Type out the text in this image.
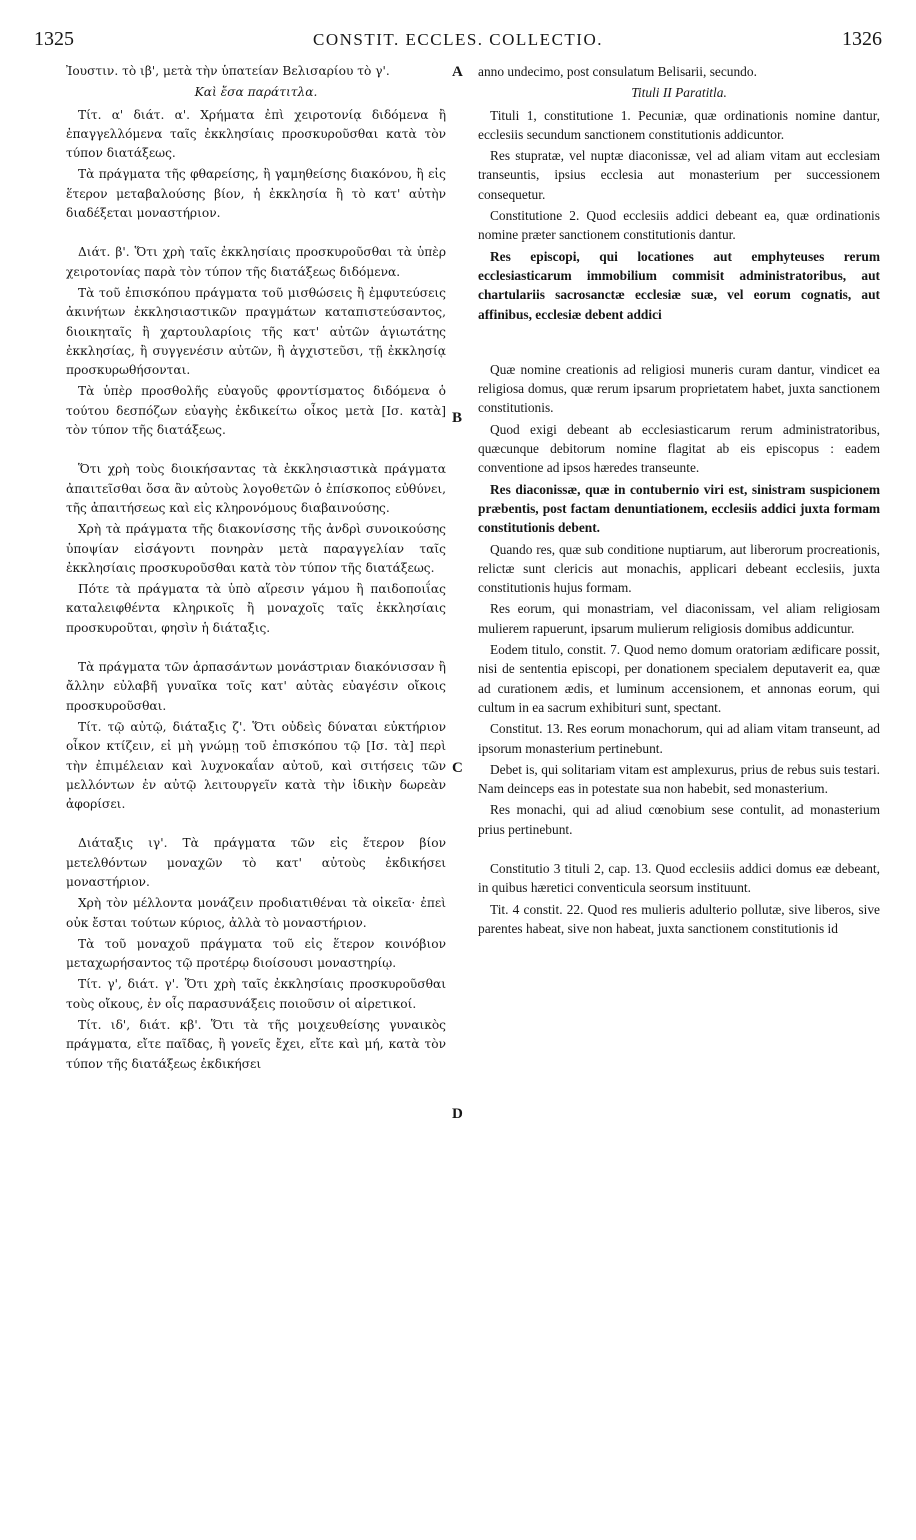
1325	CONSTIT. ECCLES. COLLECTIO.	1326
A
B
C
D

Ἰουστιν. τὸ ιβ', μετὰ τὴν ὑπατείαν Βελισαρίου τὸ γ'.

Καὶ ἔσα παράτιτλα.

Τίτ. α' διάτ. α'. Χρήματα ἐπὶ χειροτονίᾳ διδόμενα ἢ ἐπαγγελλόμενα ταῖς ἐκκλησίαις προσκυροῦσθαι κατὰ τὸν τύπον διατάξεως.

Τὰ πράγματα τῆς φθαρείσης, ἢ γαμηθείσης διακόνου, ἢ εἰς ἕτερον μεταβαλούσης βίον, ἡ ἐκκλησία ἢ τὸ κατ' αὐτὴν διαδέξεται μοναστήριον.

Διάτ. β'. Ὅτι χρὴ ταῖς ἐκκλησίαις προσκυροῦσθαι τὰ ὑπὲρ χειροτονίας παρὰ τὸν τύπον τῆς διατάξεως διδόμενα.

Τὰ τοῦ ἐπισκόπου πράγματα τοῦ μισθώσεις ἢ ἐμφυτεύσεις ἀκινήτων ἐκκλησιαστικῶν πραγμάτων καταπιστεύσαντος, διοικηταῖς ἢ χαρτουλαρίοις τῆς κατ' αὐτῶν ἁγιωτάτης ἐκκλησίας, ἢ συγγενέσιν αὐτῶν, ἢ ἀγχιστεῦσι, τῇ ἐκκλησίᾳ προσκυρωθήσονται.

Τὰ ὑπὲρ προσθολῆς εὐαγοῦς φροντίσματος διδόμενα ὁ τούτου δεσπόζων εὐαγὴς ἐκδικείτω οἶκος μετὰ [Ισ. κατὰ] τὸν τύπον τῆς διατάξεως.

Ὅτι χρὴ τοὺς διοικήσαντας τὰ ἐκκλησιαστικὰ πράγματα ἀπαιτεῖσθαι ὅσα ἂν αὐτοὺς λογοθετῶν ὁ ἐπίσκοπος εὐθύνει, τῆς ἀπαιτήσεως καὶ εἰς κληρονόμους διαβαινούσης.

Χρὴ τὰ πράγματα τῆς διακονίσσης τῆς ἀνδρὶ συνοικούσης ὑποψίαν εἰσάγοντι πονηρὰν μετὰ παραγγελίαν ταῖς ἐκκλησίαις προσκυροῦσθαι κατὰ τὸν τύπον τῆς διατάξεως.

Πότε τὰ πράγματα τὰ ὑπὸ αἵρεσιν γάμου ἢ παιδοποιΐας καταλειφθέντα κληρικοῖς ἢ μοναχοῖς ταῖς ἐκκλησίαις προσκυροῦται, φησὶν ἡ διάταξις.

Τὰ πράγματα τῶν ἁρπασάντων μονάστριαν διακόνισσαν ἢ ἄλλην εὐλαβῆ γυναῖκα τοῖς κατ' αὐτὰς εὐαγέσιν οἴκοις προσκυροῦσθαι.

Τίτ. τῷ αὐτῷ, διάταξις ζ'. Ὅτι οὐδεὶς δύναται εὐκτήριον οἶκον κτίζειν, εἰ μὴ γνώμῃ τοῦ ἐπισκόπου τῷ [Ισ. τὰ] περὶ τὴν ἐπιμέλειαν καὶ λυχνοκαΐαν αὐτοῦ, καὶ σιτήσεις τῶν μελλόντων ἐν αὐτῷ λειτουργεῖν κατὰ τὴν ἰδικὴν δωρεὰν ἀφορίσει.

Διάταξις ιγ'. Τὰ πράγματα τῶν εἰς ἕτερον βίον μετελθόντων μοναχῶν τὸ κατ' αὐτοὺς ἐκδικήσει μοναστήριον.

Χρὴ τὸν μέλλοντα μονάζειν προδιατιθέναι τὰ οἰκεῖα· ἐπεὶ οὐκ ἔσται τούτων κύριος, ἀλλὰ τὸ μοναστήριον.

Τὰ τοῦ μοναχοῦ πράγματα τοῦ εἰς ἕτερον κοινόβιον μεταχωρήσαντος τῷ προτέρῳ διοίσουσι μοναστηρίῳ.

Τίτ. γ', διάτ. γ'. Ὅτι χρὴ ταῖς ἐκκλησίαις προσκυροῦσθαι τοὺς οἴκους, ἐν οἷς παρασυνάξεις ποιοῦσιν οἱ αἱρετικοί.

Τίτ. ιδ', διάτ. κβ'. Ὅτι τὰ τῆς μοιχευθείσης γυναικὸς πράγματα, εἴτε παῖδας, ἢ γονεῖς ἔχει, εἴτε καὶ μή, κατὰ τὸν τύπον τῆς διατάξεως ἐκδικήσει

anno undecimo, post consulatum Belisarii, secundo.

Tituli II Paratitla.

Tituli 1, constitutione 1. Pecuniæ, quæ ordinationis nomine dantur, ecclesiis secundum sanctionem constitutionis addicuntor.

Res stupratæ, vel nuptæ diaconissæ, vel ad aliam vitam aut ecclesiam transeuntis, ipsius ecclesia aut monasterium per successionem consequetur.

Constitutione 2. Quod ecclesiis addici debeant ea, quæ ordinationis nomine præter sanctionem constitutionis dantur.

Res episcopi, qui locationes aut emphyteuses rerum ecclesiasticarum immobilium commisit administratoribus, aut chartulariis sacrosanctæ ecclesiæ suæ, vel eorum cognatis, aut affinibus, ecclesiæ debent addici

Quæ nomine creationis ad religiosi muneris curam dantur, vindicet ea religiosa domus, quæ rerum ipsarum proprietatem habet, juxta sanctionem constitutionis.

Quod exigi debeant ab ecclesiasticarum rerum administratoribus, quæcunque debitorum nomine flagitat ab eis episcopus : eadem conventione ad ipsos hæredes transeunte.

Res diaconissæ, quæ in contubernio viri est, sinistram suspicionem præbentis, post factam denuntiationem, ecclesiis addici juxta formam constitutionis debent.

Quando res, quæ sub conditione nuptiarum, aut liberorum procreationis, relictæ sunt clericis aut monachis, applicari debeant ecclesiis, juxta constitutionis hujus formam.

Res eorum, qui monastriam, vel diaconissam, vel aliam religiosam mulierem rapuerunt, ipsarum mulierum religiosis domibus addicuntur.

Eodem titulo, constit. 7. Quod nemo domum oratoriam ædificare possit, nisi de sententia episcopi, per donationem specialem deputaverit ea, quæ ad curationem ædis, et luminum accensionem, et annonas eorum, qui cultum in ea sacrum exhibituri sunt, spectant.

Constitut. 13. Res eorum monachorum, qui ad aliam vitam transeunt, ad ipsorum monasterium pertinebunt.

Debet is, qui solitariam vitam est amplexurus, prius de rebus suis testari. Nam deinceps eas in potestate sua non habebit, sed monasterium.

Res monachi, qui ad aliud cœnobium sese contulit, ad monasterium prius pertinebunt.

Constitutio 3 tituli 2, cap. 13. Quod ecclesiis addici domus eæ debeant, in quibus hæretici conventicula seorsum instituunt.

Tit. 4 constit. 22. Quod res mulieris adulterio pollutæ, sive liberos, sive parentes habeat, sive non habeat, juxta sanctionem constitutionis id
